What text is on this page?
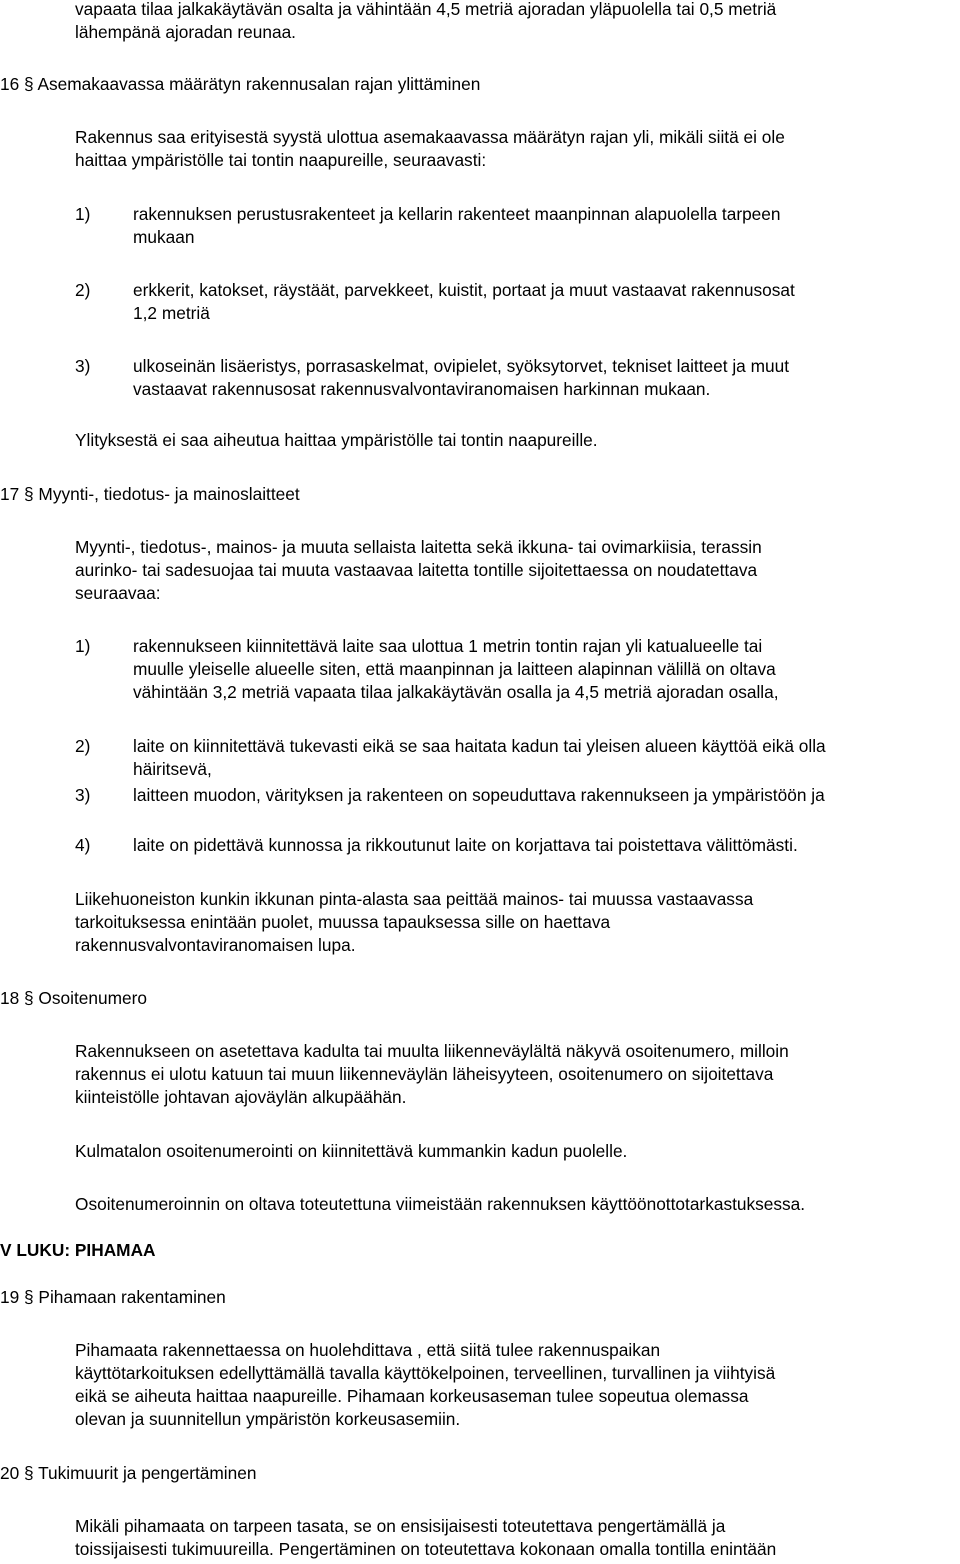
vapaata tilaa jalkakäytävän osalta ja vähintään 4,5 metriä ajoradan yläpuolella tai 0,5 metriä
lähempänä ajoradan reunaa.
16 § Asemakaavassa määrätyn rakennusalan rajan ylittäminen
Rakennus saa erityisestä syystä ulottua asemakaavassa määrätyn rajan yli, mikäli siitä ei ole
haittaa ympäristölle tai tontin naapureille, seuraavasti:
1) rakennuksen perustusrakenteet ja kellarin rakenteet maanpinnan alapuolella tarpeen
mukaan
2) erkkerit, katokset, räystäät, parvekkeet, kuistit, portaat ja muut vastaavat rakennusosat
1,2 metriä
3) ulkoseinän lisäeristys, porrasaskelmat, ovipielet, syöksytorvet, tekniset laitteet ja muut
vastaavat rakennusosat rakennusvalvontaviranomaisen harkinnan mukaan.
Ylityksestä ei saa aiheutua haittaa ympäristölle tai tontin naapureille.
17 § Myynti-, tiedotus- ja mainoslaitteet
Myynti-, tiedotus-, mainos- ja muuta sellaista laitetta sekä ikkuna- tai ovimarkiisia, terassin
aurinko- tai sadesuojaa tai muuta vastaavaa laitetta tontille sijoitettaessa on noudatettava
seuraavaa:
1) rakennukseen kiinnitettävä laite saa ulottua 1 metrin tontin rajan yli katualueelle tai
muulle yleiselle alueelle siten, että maanpinnan ja laitteen alapinnan välillä on oltava
vähintään 3,2 metriä vapaata tilaa jalkakäytävän osalla ja 4,5 metriä ajoradan osalla,
2) laite on kiinnitettävä tukevasti eikä se saa haitata kadun tai yleisen alueen käyttöä eikä olla
häiritsevä,
3) laitteen muodon, värityksen ja rakenteen on sopeuduttava rakennukseen ja ympäristöön ja
4) laite on pidettävä kunnossa ja rikkoutunut laite on korjattava tai poistettava välittömästi.
Liikehuoneiston kunkin ikkunan pinta-alasta saa peittää mainos- tai muussa vastaavassa
tarkoituksessa enintään puolet, muussa tapauksessa sille on haettava
rakennusvalvontaviranomaisen lupa.
18 § Osoitenumero
Rakennukseen on asetettava kadulta tai muulta liikenneväylältä näkyvä osoitenumero, milloin
rakennus ei ulotu katuun tai muun liikenneväylän läheisyyteen, osoitenumero on sijoitettava
kiinteistölle johtavan ajoväylän alkupäähän.
Kulmatalon osoitenumerointi on kiinnitettävä kummankin kadun puolelle.
Osoitenumeroinnin on oltava toteutettuna viimeistään rakennuksen käyttöönottotarkastuksessa.
V LUKU: PIHAMAA
19 § Pihamaan rakentaminen
Pihamaata rakennettaessa on huolehdittava , että siitä tulee rakennuspaikan
käyttötarkoituksen edellyttämällä tavalla käyttökelpoinen, terveellinen, turvallinen ja viihtyisä
eikä se aiheuta haittaa naapureille. Pihamaan korkeusaseman tulee sopeutua olemassa
olevan ja suunnitellun ympäristön korkeusasemiin.
20 § Tukimuurit ja pengertäminen
Mikäli pihamaata on tarpeen tasata, se on ensisijaisesti toteutettava pengertämällä ja
toissijaisesti tukimuureilla. Pengertäminen on toteutettava kokonaan omalla tontilla enintään
